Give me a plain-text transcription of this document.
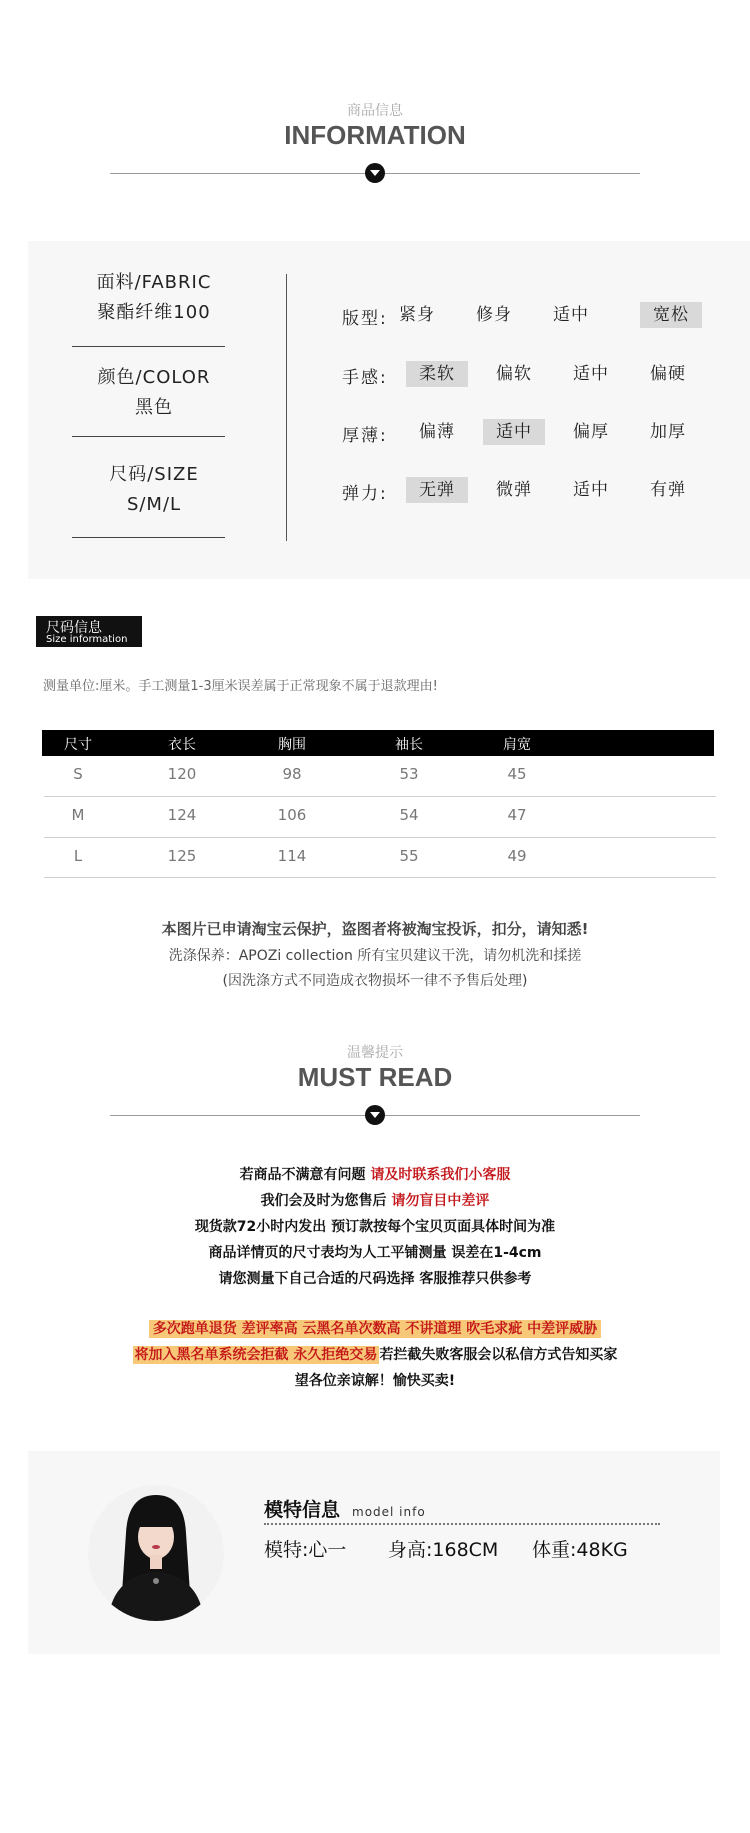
商品信息
INFORMATION
面料/FABRIC
聚酯纤维100
颜色/COLOR
黑色
尺码/SIZE
S/M/L
版型: 紧身	修身	适中	宽松
手感:	柔软	偏软	适中	偏硬
厚薄:	偏薄	适中	偏厚	加厚
弹力:	无弹	微弹	适中	有弹
尺码信息
Size information
测量单位:厘米。手工测量1-3厘米误差属于正常现象不属于退款理由!
尺寸	衣长	胸围	袖长	肩宽
S	120	98	53	45
M	124	106	54	47
L	125	114	55	49
本图片已申请淘宝云保护，盗图者将被淘宝投诉，扣分，请知悉!
洗涤保养：APOZi collection 所有宝贝建议干洗，请勿机洗和揉搓
(因洗涤方式不同造成衣物损坏一律不予售后处理)
温馨提示
MUST READ
若商品不满意有问题 请及时联系我们小客服
我们会及时为您售后 请勿盲目中差评
现货款72小时内发出 预订款按每个宝贝页面具体时间为准
商品详情页的尺寸表均为人工平铺测量 误差在1-4cm
请您测量下自己合适的尺码选择 客服推荐只供参考
多次跑单退货 差评率高 云黑名单次数高 不讲道理 吹毛求疵 中差评威胁
将加入黑名单系统会拒截 永久拒绝交易 若拦截失败客服会以私信方式告知买家
望各位亲谅解！愉快买卖!
模特信息 model info
模特:心一 身高:168CM 体重:48KG
